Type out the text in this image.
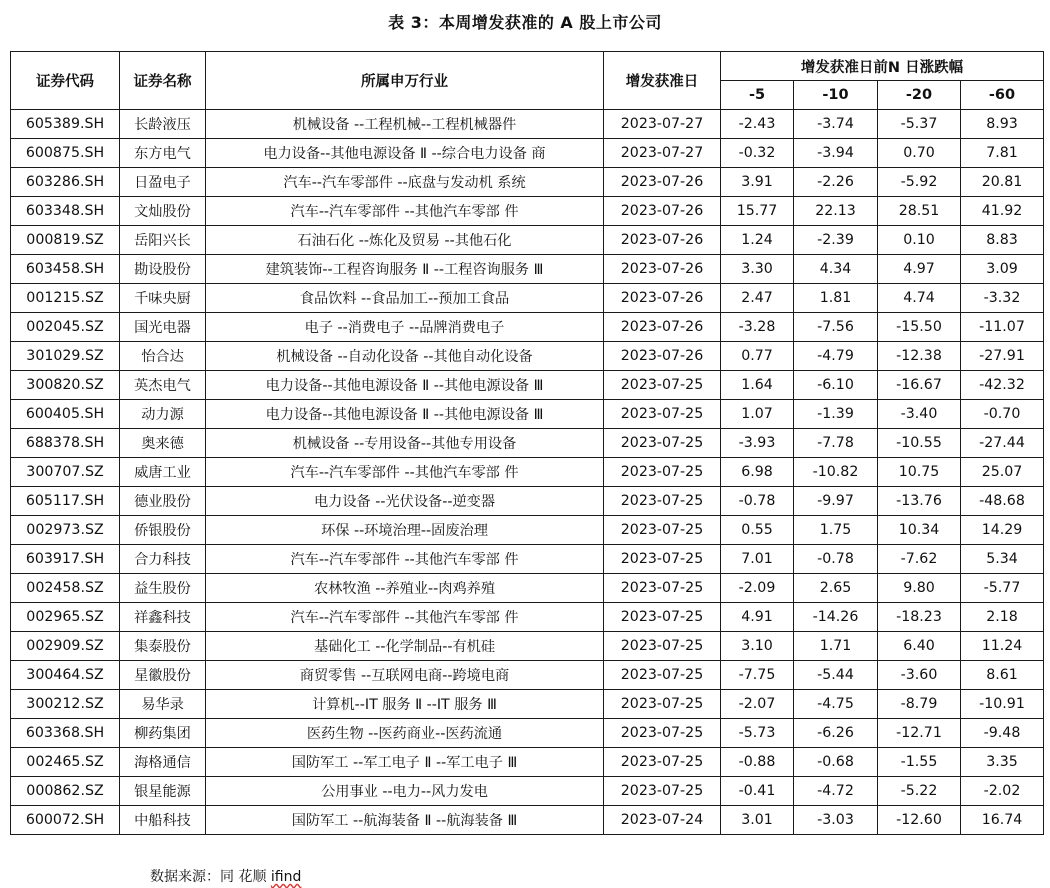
表 3：本周增发获准的 A 股上市公司
证券代码	证券名称	所属申万行业	增发获准日	增发获准日前N 日涨跌幅			
				-5	-10	-20	-60
605389.SH	长龄液压	机械设备 --工程机械--工程机械器件	2023-07-27	-2.43	-3.74	-5.37	8.93
600875.SH	东方电气	电力设备--其他电源设备 Ⅱ --综合电力设备 商	2023-07-27	-0.32	-3.94	0.70	7.81
603286.SH	日盈电子	汽车--汽车零部件 --底盘与发动机 系统	2023-07-26	3.91	-2.26	-5.92	20.81
603348.SH	文灿股份	汽车--汽车零部件 --其他汽车零部 件	2023-07-26	15.77	22.13	28.51	41.92
000819.SZ	岳阳兴长	石油石化 --炼化及贸易 --其他石化	2023-07-26	1.24	-2.39	0.10	8.83
603458.SH	勘设股份	建筑装饰--工程咨询服务 Ⅱ --工程咨询服务 Ⅲ	2023-07-26	3.30	4.34	4.97	3.09
001215.SZ	千味央厨	食品饮料 --食品加工--预加工食品	2023-07-26	2.47	1.81	4.74	-3.32
002045.SZ	国光电器	电子 --消费电子 --品牌消费电子	2023-07-26	-3.28	-7.56	-15.50	-11.07
301029.SZ	怡合达	机械设备 --自动化设备 --其他自动化设备	2023-07-26	0.77	-4.79	-12.38	-27.91
300820.SZ	英杰电气	电力设备--其他电源设备 Ⅱ --其他电源设备 Ⅲ	2023-07-25	1.64	-6.10	-16.67	-42.32
600405.SH	动力源	电力设备--其他电源设备 Ⅱ --其他电源设备 Ⅲ	2023-07-25	1.07	-1.39	-3.40	-0.70
688378.SH	奥来德	机械设备 --专用设备--其他专用设备	2023-07-25	-3.93	-7.78	-10.55	-27.44
300707.SZ	威唐工业	汽车--汽车零部件 --其他汽车零部 件	2023-07-25	6.98	-10.82	10.75	25.07
605117.SH	德业股份	电力设备 --光伏设备--逆变器	2023-07-25	-0.78	-9.97	-13.76	-48.68
002973.SZ	侨银股份	环保 --环境治理--固废治理	2023-07-25	0.55	1.75	10.34	14.29
603917.SH	合力科技	汽车--汽车零部件 --其他汽车零部 件	2023-07-25	7.01	-0.78	-7.62	5.34
002458.SZ	益生股份	农林牧渔 --养殖业--肉鸡养殖	2023-07-25	-2.09	2.65	9.80	-5.77
002965.SZ	祥鑫科技	汽车--汽车零部件 --其他汽车零部 件	2023-07-25	4.91	-14.26	-18.23	2.18
002909.SZ	集泰股份	基础化工 --化学制品--有机硅	2023-07-25	3.10	1.71	6.40	11.24
300464.SZ	星徽股份	商贸零售 --互联网电商--跨境电商	2023-07-25	-7.75	-5.44	-3.60	8.61
300212.SZ	易华录	计算机--IT 服务 Ⅱ --IT 服务 Ⅲ	2023-07-25	-2.07	-4.75	-8.79	-10.91
603368.SH	柳药集团	医药生物 --医药商业--医药流通	2023-07-25	-5.73	-6.26	-12.71	-9.48
002465.SZ	海格通信	国防军工 --军工电子 Ⅱ --军工电子 Ⅲ	2023-07-25	-0.88	-0.68	-1.55	3.35
000862.SZ	银星能源	公用事业 --电力--风力发电	2023-07-25	-0.41	-4.72	-5.22	-2.02
600072.SH	中船科技	国防军工 --航海装备 Ⅱ --航海装备 Ⅲ	2023-07-24	3.01	-3.03	-12.60	16.74
数据来源：同 花顺 ifind
